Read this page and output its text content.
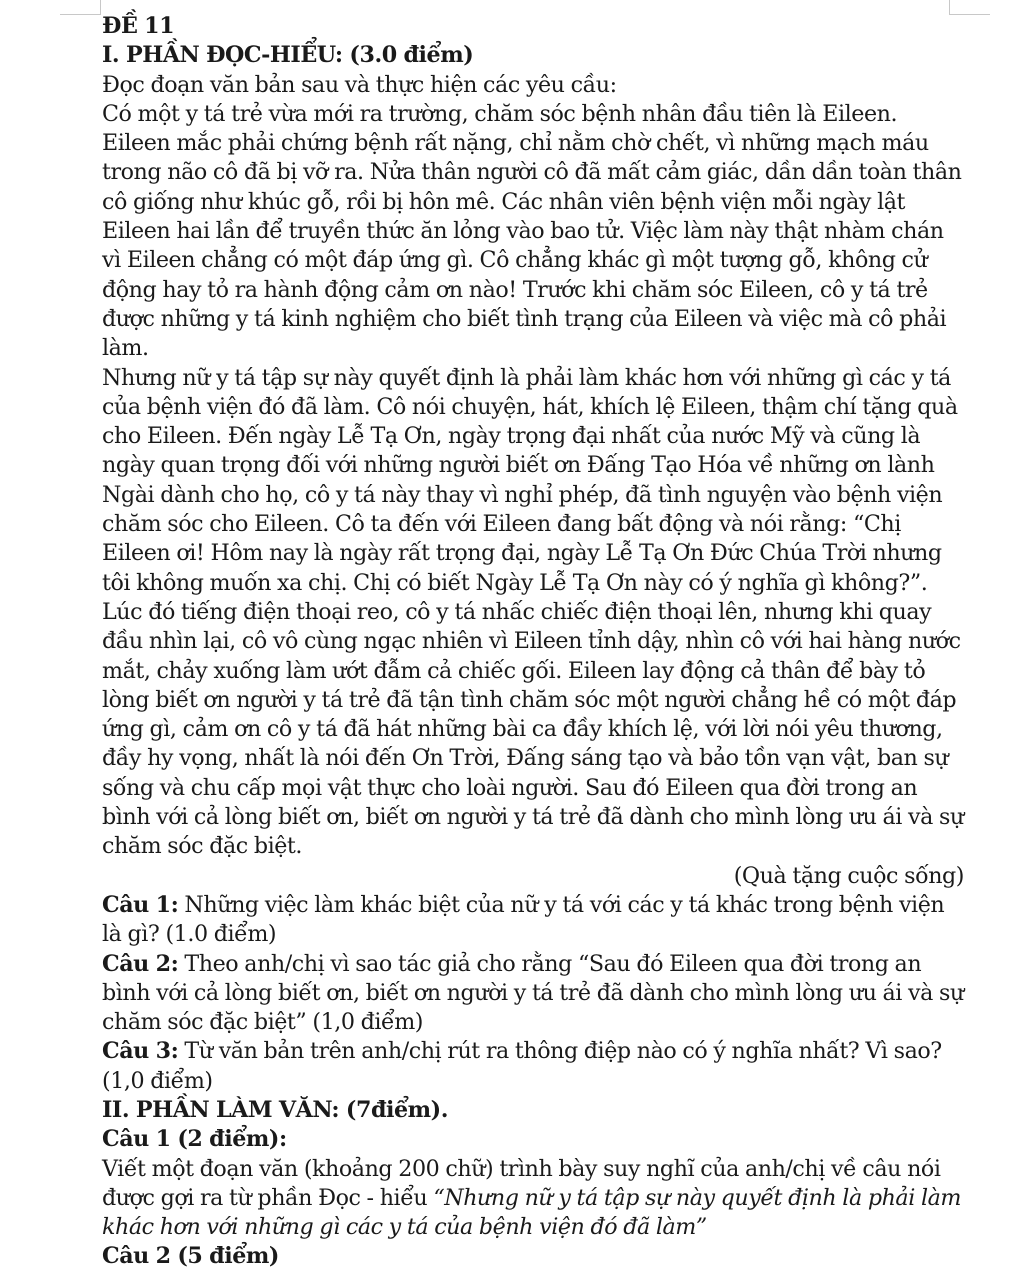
ĐỀ 11

I. PHẦN ĐỌC-HIỂU: (3.0 điểm)

Đọc đoạn văn bản sau và thực hiện các yêu cầu:

Có một y tá trẻ vừa mới ra trường, chăm sóc bệnh nhân đầu tiên là Eileen. Eileen mắc phải chứng bệnh rất nặng, chỉ nằm chờ chết, vì những mạch máu trong não cô đã bị vỡ ra. Nửa thân người cô đã mất cảm giác, dần dần toàn thân cô giống như khúc gỗ, rồi bị hôn mê. Các nhân viên bệnh viện mỗi ngày lật Eileen hai lần để truyền thức ăn lỏng vào bao tử. Việc làm này thật nhàm chán vì Eileen chẳng có một đáp ứng gì. Cô chẳng khác gì một tượng gỗ, không cử động hay tỏ ra hành động cảm ơn nào! Trước khi chăm sóc Eileen, cô y tá trẻ được những y tá kinh nghiệm cho biết tình trạng của Eileen và việc mà cô phải làm.

Nhưng nữ y tá tập sự này quyết định là phải làm khác hơn với những gì các y tá của bệnh viện đó đã làm. Cô nói chuyện, hát, khích lệ Eileen, thậm chí tặng quà cho Eileen. Đến ngày Lễ Tạ Ơn, ngày trọng đại nhất của nước Mỹ và cũng là ngày quan trọng đối với những người biết ơn Đấng Tạo Hóa về những ơn lành Ngài dành cho họ, cô y tá này thay vì nghỉ phép, đã tình nguyện vào bệnh viện chăm sóc cho Eileen. Cô ta đến với Eileen đang bất động và nói rằng: “Chị Eileen ơi! Hôm nay là ngày rất trọng đại, ngày Lễ Tạ Ơn Đức Chúa Trời nhưng tôi không muốn xa chị. Chị có biết Ngày Lễ Tạ Ơn này có ý nghĩa gì không?”.

Lúc đó tiếng điện thoại reo, cô y tá nhấc chiếc điện thoại lên, nhưng khi quay đầu nhìn lại, cô vô cùng ngạc nhiên vì Eileen tỉnh dậy, nhìn cô với hai hàng nước mắt, chảy xuống làm ướt đẫm cả chiếc gối. Eileen lay động cả thân để bày tỏ lòng biết ơn người y tá trẻ đã tận tình chăm sóc một người chẳng hề có một đáp ứng gì, cảm ơn cô y tá đã hát những bài ca đầy khích lệ, với lời nói yêu thương, đầy hy vọng, nhất là nói đến Ơn Trời, Đấng sáng tạo và bảo tồn vạn vật, ban sự sống và chu cấp mọi vật thực cho loài người. Sau đó Eileen qua đời trong an bình với cả lòng biết ơn, biết ơn người y tá trẻ đã dành cho mình lòng ưu ái và sự chăm sóc đặc biệt.

(Quà tặng cuộc sống)

Câu 1: Những việc làm khác biệt của nữ y tá với các y tá khác trong bệnh viện là gì? (1.0 điểm)

Câu 2: Theo anh/chị vì sao tác giả cho rằng “Sau đó Eileen qua đời trong an bình với cả lòng biết ơn, biết ơn người y tá trẻ đã dành cho mình lòng ưu ái và sự chăm sóc đặc biệt” (1,0 điểm)

Câu 3: Từ văn bản trên anh/chị rút ra thông điệp nào có ý nghĩa nhất? Vì sao? (1,0 điểm)

II. PHẦN LÀM VĂN: (7điểm).

Câu 1 (2 điểm):

Viết một đoạn văn (khoảng 200 chữ) trình bày suy nghĩ của anh/chị về câu nói được gợi ra từ phần Đọc - hiểu “Nhưng nữ y tá tập sự này quyết định là phải làm khác hơn với những gì các y tá của bệnh viện đó đã làm”

Câu 2 (5 điểm)
